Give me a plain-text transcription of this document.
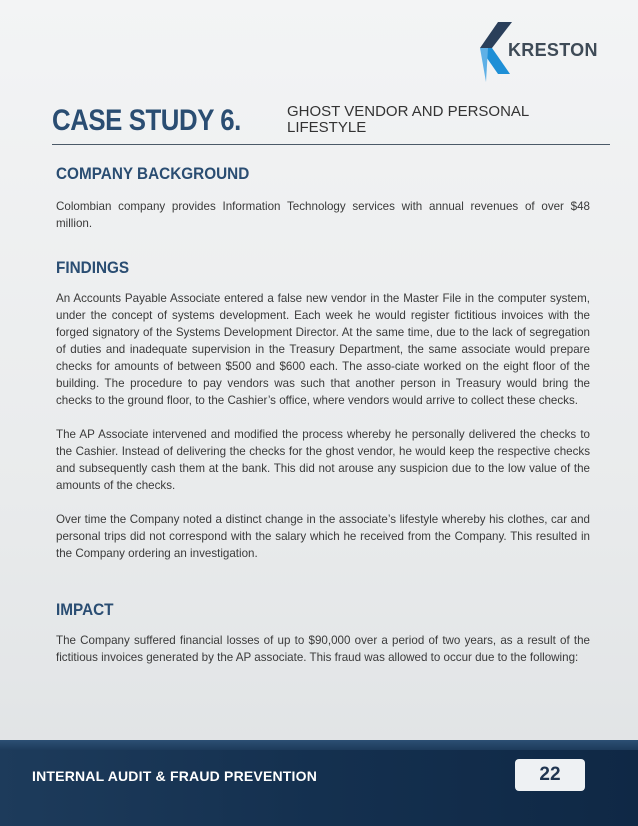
KRESTON
CASE STUDY 6.	GHOST VENDOR AND PERSONAL
LIFESTYLE
COMPANY BACKGROUND

Colombian company provides Information Technology services with annual revenues of over $48 million.

FINDINGS

An Accounts Payable Associate entered a false new vendor in the Master File in the computer system, under the concept of systems development. Each week he would register fictitious invoices with the forged signatory of the Systems Development Director. At the same time, due to the lack of segregation of duties and inadequate supervision in the Treasury Department, the same associate would prepare checks for amounts of between $500 and $600 each. The asso-ciate worked on the eight floor of the building. The procedure to pay vendors was such that another person in Treasury would bring the checks to the ground floor, to the Cashier’s office, where vendors would arrive to collect these checks.

The AP Associate intervened and modified the process whereby he personally delivered the checks to the Cashier. Instead of delivering the checks for the ghost vendor, he would keep the respective checks and subsequently cash them at the bank. This did not arouse any suspicion due to the low value of the amounts of the checks.

Over time the Company noted a distinct change in the associate’s lifestyle whereby his clothes, car and personal trips did not correspond with the salary which he received from the Company. This resulted in the Company ordering an investigation.

IMPACT

The Company suffered financial losses of up to $90,000 over a period of two years, as a result of the fictitious invoices generated by the AP associate. This fraud was allowed to occur due to the following:

INTERNAL AUDIT & FRAUD PREVENTION	22
